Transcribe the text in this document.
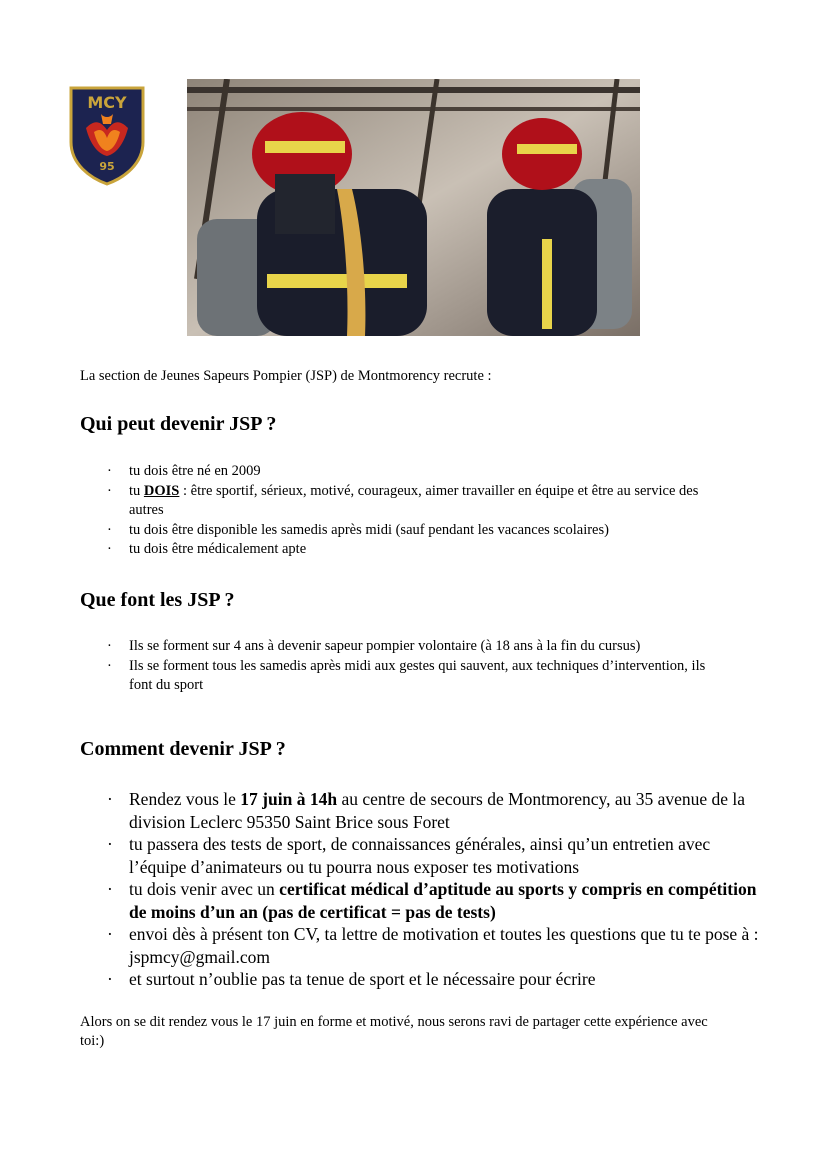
MCY
95
La section de Jeunes Sapeurs Pompier (JSP) de Montmorency recrute :
Qui peut devenir JSP ?
· tu dois être né en 2009
· tu DOIS : être sportif, sérieux, motivé, courageux, aimer travailler en équipe et être au service des autres
· tu dois être disponible les samedis après midi (sauf pendant les vacances scolaires)
· tu dois être médicalement apte
Que font les JSP ?
· Ils se forment sur 4 ans à devenir sapeur pompier volontaire (à 18 ans à la fin du cursus)
· Ils se forment tous les samedis après midi aux gestes qui sauvent, aux techniques d’intervention, ils font du sport
Comment devenir JSP ?
· Rendez vous le 17 juin à 14h au centre de secours de Montmorency, au 35 avenue de la division Leclerc 95350 Saint Brice sous Foret
· tu passera des tests de sport, de connaissances générales, ainsi qu’un entretien avec l’équipe d’animateurs ou tu pourra nous exposer tes motivations
· tu dois venir avec un certificat médical d’aptitude au sports y compris en compétition de moins d’un an (pas de certificat = pas de tests)
· envoi dès à présent ton CV, ta lettre de motivation et toutes les questions que tu te pose à : jspmcy@gmail.com
· et surtout n’oublie pas ta tenue de sport et le nécessaire pour écrire
Alors on se dit rendez vous le 17 juin en forme et motivé, nous serons ravi de partager cette expérience avec toi:)
